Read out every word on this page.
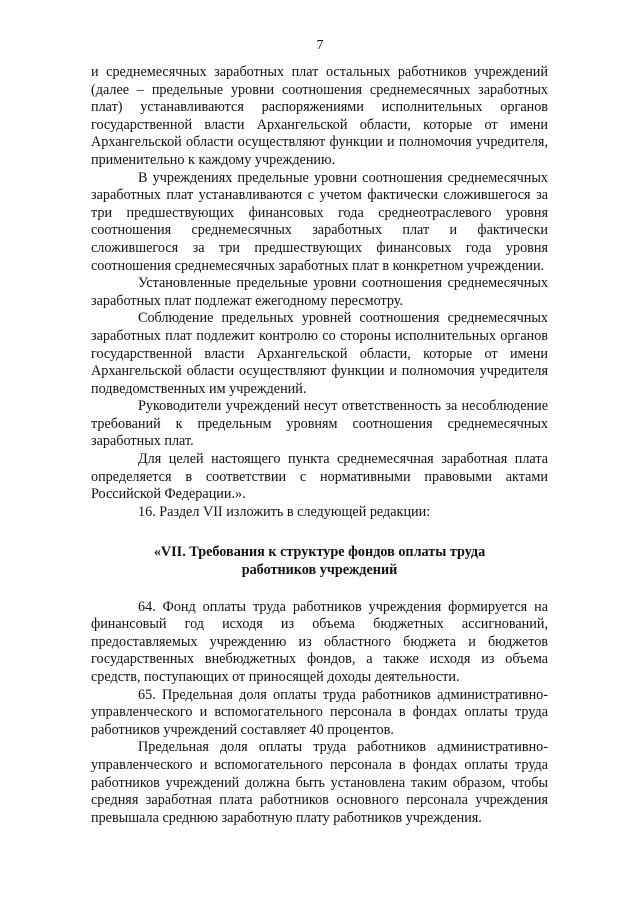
7

и среднемесячных заработных плат остальных работников учреждений (далее – предельные уровни соотношения среднемесячных заработных плат) устанавливаются распоряжениями исполнительных органов государственной власти Архангельской области, которые от имени Архангельской области осуществляют функции и полномочия учредителя, применительно к каждому учреждению.

В учреждениях предельные уровни соотношения среднемесячных заработных плат устанавливаются с учетом фактически сложившегося за три предшествующих финансовых года среднеотраслевого уровня соотношения среднемесячных заработных плат и фактически сложившегося за три предшествующих финансовых года уровня соотношения среднемесячных заработных плат в конкретном учреждении.

Установленные предельные уровни соотношения среднемесячных заработных плат подлежат ежегодному пересмотру.

Соблюдение предельных уровней соотношения среднемесячных заработных плат подлежит контролю со стороны исполнительных органов государственной власти Архангельской области, которые от имени Архангельской области осуществляют функции и полномочия учредителя подведомственных им учреждений.

Руководители учреждений несут ответственность за несоблюдение требований к предельным уровням соотношения среднемесячных заработных плат.

Для целей настоящего пункта среднемесячная заработная плата определяется в соответствии с нормативными правовыми актами Российской Федерации.».

16. Раздел VII изложить в следующей редакции:

«VII. Требования к структуре фондов оплаты труда
работников учреждений

64. Фонд оплаты труда работников учреждения формируется на финансовый год исходя из объема бюджетных ассигнований, предоставляемых учреждению из областного бюджета и бюджетов государственных внебюджетных фондов, а также исходя из объема средств, поступающих от приносящей доходы деятельности.

65. Предельная доля оплаты труда работников административно-управленческого и вспомогательного персонала в фондах оплаты труда работников учреждений составляет 40 процентов.

Предельная доля оплаты труда работников административно-управленческого и вспомогательного персонала в фондах оплаты труда работников учреждений должна быть установлена таким образом, чтобы средняя заработная плата работников основного персонала учреждения превышала среднюю заработную плату работников учреждения.
